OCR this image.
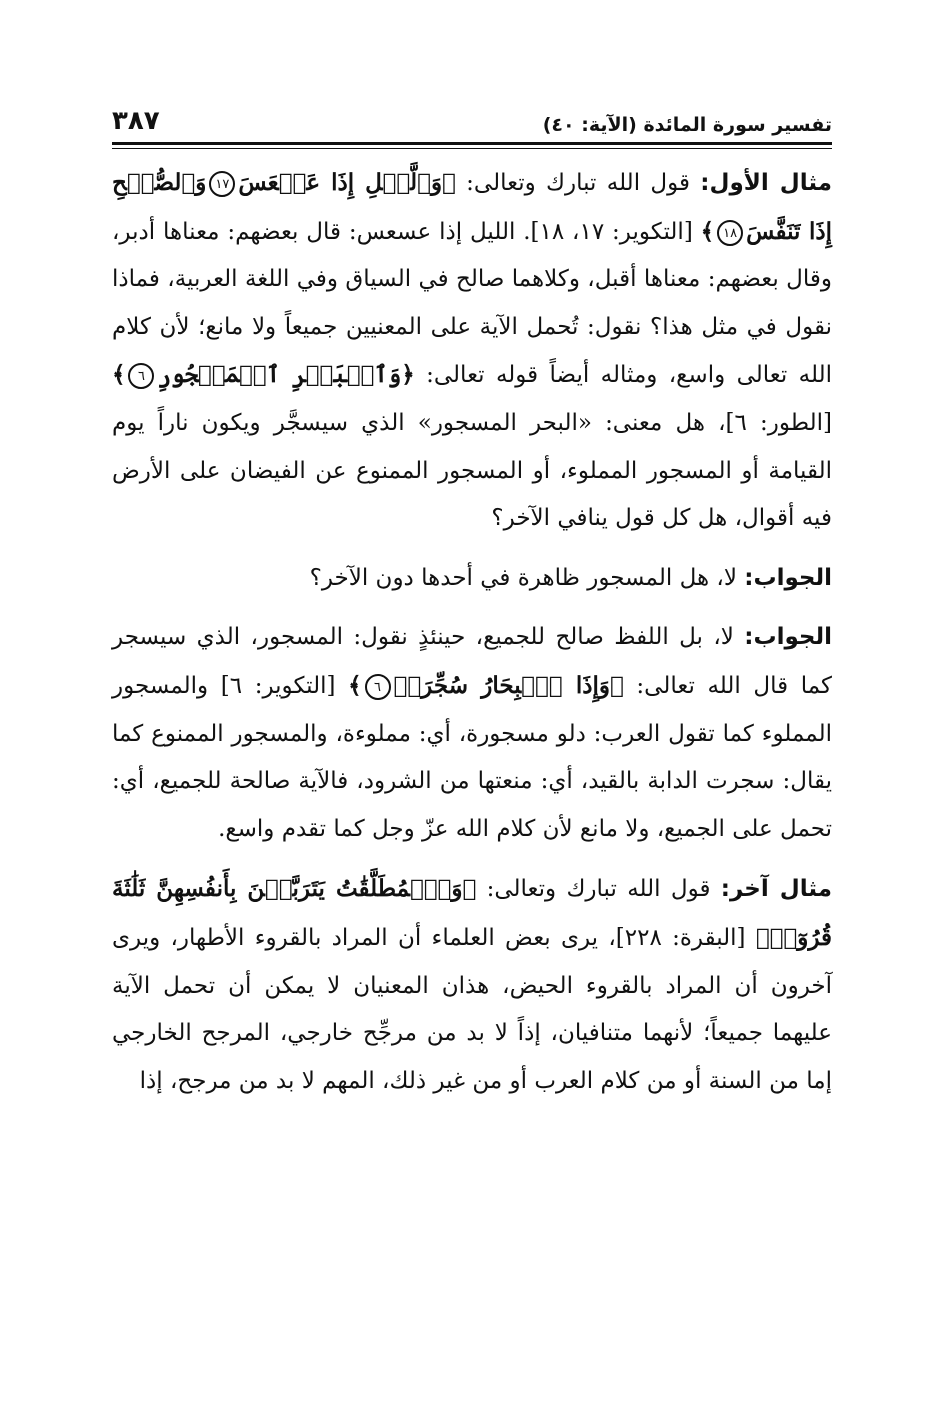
تفسير سورة المائدة (الآية: ٤٠)
٣٨٧

مثال الأول: قول الله تبارك وتعالى: ﴿وَٱلَّيۡلِ إِذَا عَسۡعَسَ١٧وَٱلصُّبۡحِ إِذَا تَنَفَّسَ١٨﴾ [التكوير: ١٧، ١٨]. الليل إذا عسعس: قال بعضهم: معناها أدبر، وقال بعضهم: معناها أقبل، وكلاهما صالح في السياق وفي اللغة العربية، فماذا نقول في مثل هذا؟ نقول: تُحمل الآية على المعنيين جميعاً ولا مانع؛ لأن كلام الله تعالى واسع، ومثاله أيضاً قوله تعالى: ﴿وَٱلۡبَحۡرِ ٱلۡمَسۡجُورِ٦﴾ [الطور: ٦]، هل معنى: «البحر المسجور» الذي سيسجَّر ويكون ناراً يوم القيامة أو المسجور المملوء، أو المسجور الممنوع عن الفيضان على الأرض فيه أقوال، هل كل قول ينافي الآخر؟

الجواب: لا، هل المسجور ظاهرة في أحدها دون الآخر؟

الجواب: لا، بل اللفظ صالح للجميع، حينئذٍ نقول: المسجور، الذي سيسجر كما قال الله تعالى: ﴿وَإِذَا ٱلۡبِحَارُ سُجِّرَتۡ٦﴾ [التكوير: ٦] والمسجور المملوء كما تقول العرب: دلو مسجورة، أي: مملوءة، والمسجور الممنوع كما يقال: سجرت الدابة بالقيد، أي: منعتها من الشرود، فالآية صالحة للجميع، أي: تحمل على الجميع، ولا مانع لأن كلام الله عزّ وجل كما تقدم واسع.

مثال آخر: قول الله تبارك وتعالى: ﴿وَٱلۡمُطَلَّقَٰتُ يَتَرَبَّصۡنَ بِأَنفُسِهِنَّ ثَلَٰثَةَ قُرُوٓءٖ﴾ [البقرة: ٢٢٨]، يرى بعض العلماء أن المراد بالقروء الأطهار، ويرى آخرون أن المراد بالقروء الحيض، هذان المعنيان لا يمكن أن تحمل الآية عليهما جميعاً؛ لأنهما متنافيان، إذاً لا بد من مرجِّح خارجي، المرجح الخارجي إما من السنة أو من كلام العرب أو من غير ذلك، المهم لا بد من مرجح، إذا
